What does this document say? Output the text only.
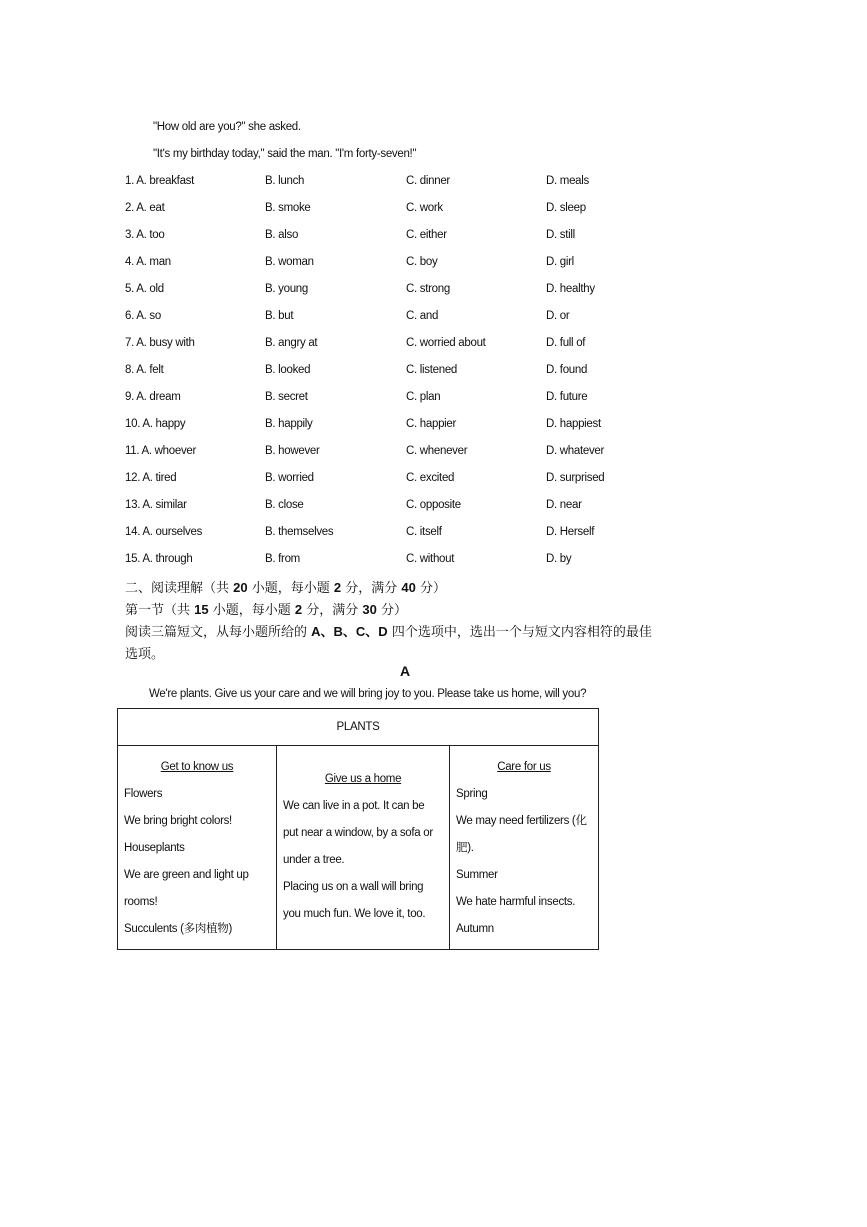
"How old are you?" she asked.
"It's my birthday today," said the man. "I'm forty-seven!"
1. A. breakfast	B. lunch	C. dinner	D. meals
2. A. eat	B. smoke	C. work	D. sleep
3. A. too	B. also	C. either	D. still
4. A. man	B. woman	C. boy	D. girl
5. A. old	B. young	C. strong	D. healthy
6. A. so	B. but	C. and	D. or
7. A. busy with	B. angry at	C. worried about	D. full of
8. A. felt	B. looked	C. listened	D. found
9. A. dream	B. secret	C. plan	D. future
10. A. happy	B. happily	C. happier	D. happiest
11. A. whoever	B. however	C. whenever	D. whatever
12. A. tired	B. worried	C. excited	D. surprised
13. A. similar	B. close	C. opposite	D. near
14. A. ourselves	B. themselves	C. itself	D. Herself
15. A. through	B. from	C. without	D. by
二、阅读理解（共 20 小题，每小题 2 分，满分 40 分）
第一节（共 15 小题，每小题 2 分，满分 30 分）
阅读三篇短文，从每小题所给的 A、B、C、D 四个选项中，选出一个与短文内容相符的最佳
选项。
A
We're plants. Give us your care and we will bring joy to you. Please take us home, will you?
PLANTS

Get to know us
Flowers
We bring bright colors!
Houseplants
We are green and light up
rooms!
Succulents (多肉植物)

Give us a home
We can live in a pot. It can be
put near a window, by a sofa or
under a tree.
Placing us on a wall will bring
you much fun. We love it, too.

Care for us
Spring
We may need fertilizers (化
肥).
Summer
We hate harmful insects.
Autumn
